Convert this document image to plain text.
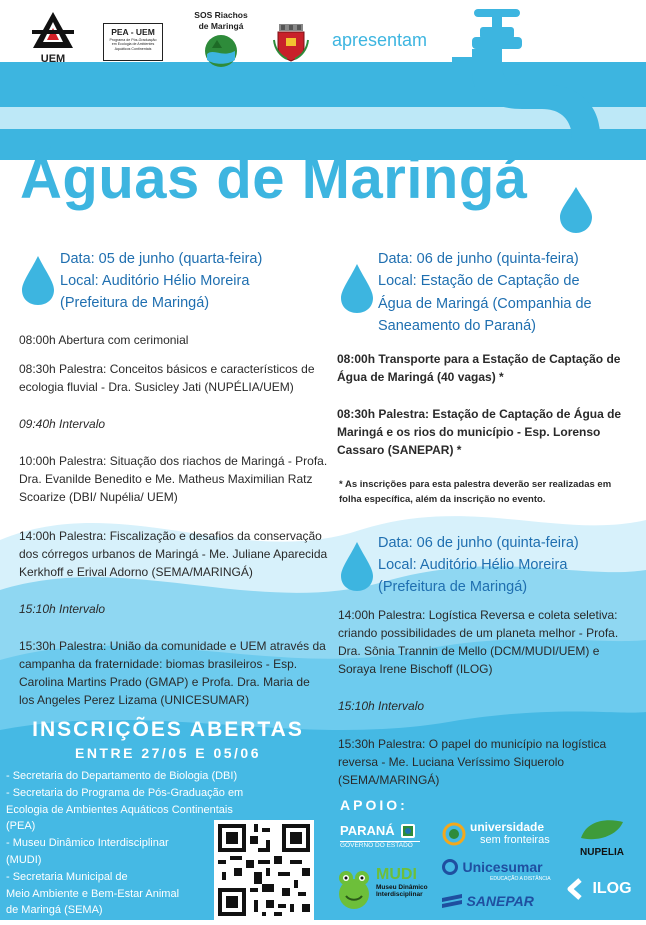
UEM
PEA - UEM
Programa de Pós-Graduação em Ecologia de Ambientes Aquáticos Continentais
SOS Riachos de Maringá
apresentam
Águas de Maringá
Data: 05 de junho (quarta-feira)
Local: Auditório Hélio Moreira
(Prefeitura de Maringá)
08:00h Abertura com cerimonial
08:30h Palestra: Conceitos básicos e característicos de ecologia fluvial - Dra. Susicley Jati (NUPÉLIA/UEM)
09:40h Intervalo
10:00h Palestra: Situação dos riachos de Maringá - Profa. Dra. Evanilde Benedito e Me. Matheus Maximilian Ratz Scoarize (DBI/ Nupélia/ UEM)
14:00h Palestra: Fiscalização e desafios da conservação dos córregos urbanos de Maringá - Me. Juliane Aparecida Kerkhoff e Erival Adorno (SEMA/MARINGÁ)
15:10h Intervalo
15:30h Palestra: União da comunidade e UEM através da campanha da fraternidade: biomas brasileiros - Esp. Carolina Martins Prado (GMAP) e Profa. Dra. Maria de los Angeles Perez Lizama (UNICESUMAR)
Data: 06 de junho (quinta-feira)
Local: Estação de Captação de
Água de Maringá (Companhia de
Saneamento do Paraná)
08:00h Transporte para a Estação de Captação de Água de Maringá (40 vagas) *
08:30h Palestra: Estação de Captação de Água de Maringá e os rios do município - Esp. Lorenso Cassaro (SANEPAR) *
* As inscrições para esta palestra deverão ser realizadas em folha específica, além da inscrição no evento.
Data: 06 de junho (quinta-feira)
Local: Auditório Hélio Moreira
(Prefeitura de Maringá)
14:00h Palestra: Logística Reversa e coleta seletiva: criando possibilidades de um planeta melhor - Profa. Dra. Sônia Trannin de Mello (DCM/MUDI/UEM) e Soraya Irene Bischoff (ILOG)
15:10h Intervalo
15:30h Palestra: O papel do município na logística reversa - Me. Luciana Veríssimo Siquerolo (SEMA/MARINGÁ)
INSCRIÇÕES ABERTAS
ENTRE 27/05 E 05/06
- Secretaria do Departamento de Biologia (DBI)
- Secretaria do Programa de Pós-Graduação em
Ecologia de Ambientes Aquáticos Continentais
(PEA)
- Museu Dinâmico Interdisciplinar
(MUDI)
- Secretaria Municipal de
Meio Ambiente e Bem-Estar Animal
de Maringá (SEMA)
APOIO:
PARANÁ
GOVERNO DO ESTADO
universidade
sem fronteiras
NUPELIA
Unicesumar
EDUCAÇÃO A DISTÂNCIA
MUDI
Museu Dinâmico
Interdisciplinar	SANEPAR
ILOG
